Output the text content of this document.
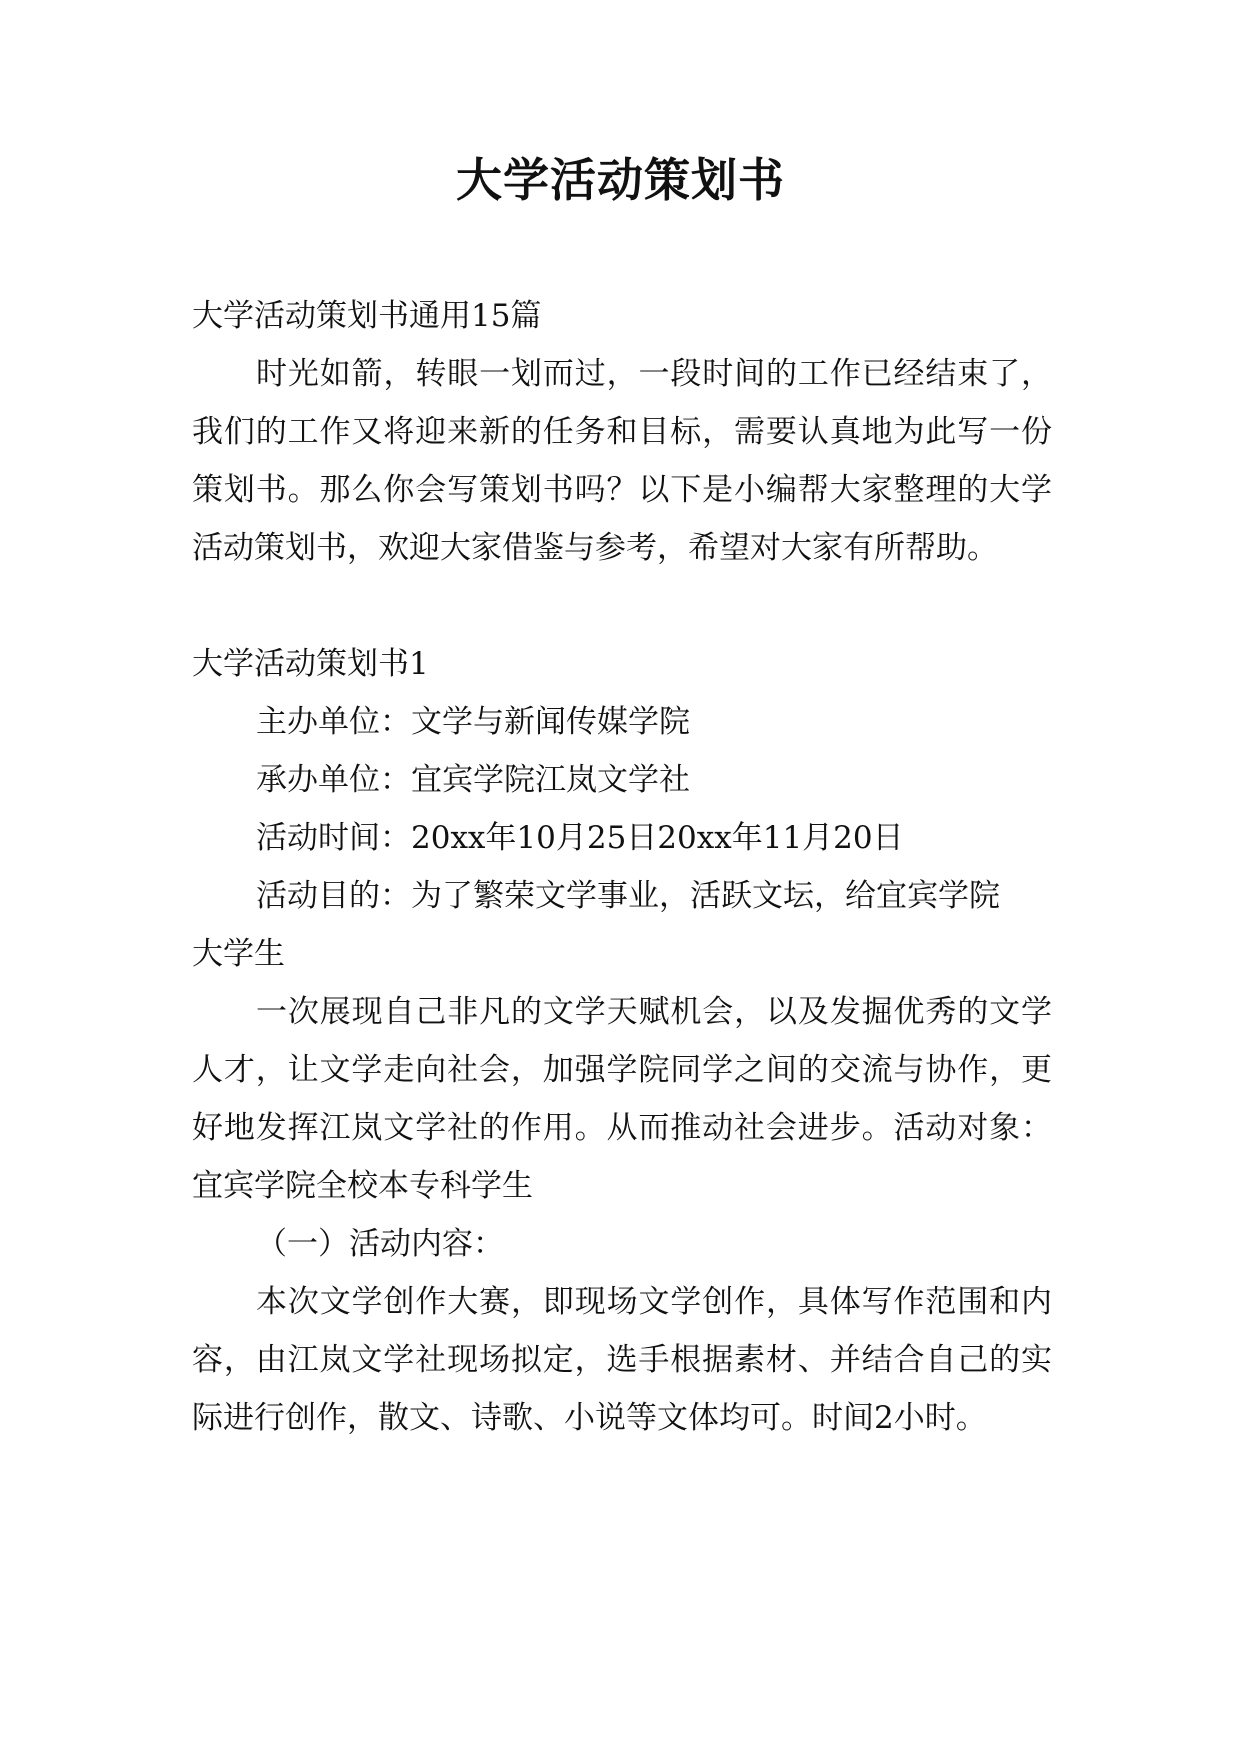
大学活动策划书

大学活动策划书通用15篇

时光如箭，转眼一划而过，一段时间的工作已经结束了，我们的工作又将迎来新的任务和目标，需要认真地为此写一份策划书。那么你会写策划书吗？以下是小编帮大家整理的大学活动策划书，欢迎大家借鉴与参考，希望对大家有所帮助。

大学活动策划书1

主办单位：文学与新闻传媒学院

承办单位：宜宾学院江岚文学社

活动时间：20xx年10月25日20xx年11月20日

活动目的：为了繁荣文学事业，活跃文坛，给宜宾学院

大学生

一次展现自己非凡的文学天赋机会，以及发掘优秀的文学人才，让文学走向社会，加强学院同学之间的交流与协作，更好地发挥江岚文学社的作用。从而推动社会进步。活动对象：宜宾学院全校本专科学生

（一）活动内容：

本次文学创作大赛，即现场文学创作，具体写作范围和内容，由江岚文学社现场拟定，选手根据素材、并结合自己的实际进行创作，散文、诗歌、小说等文体均可。时间2小时。
